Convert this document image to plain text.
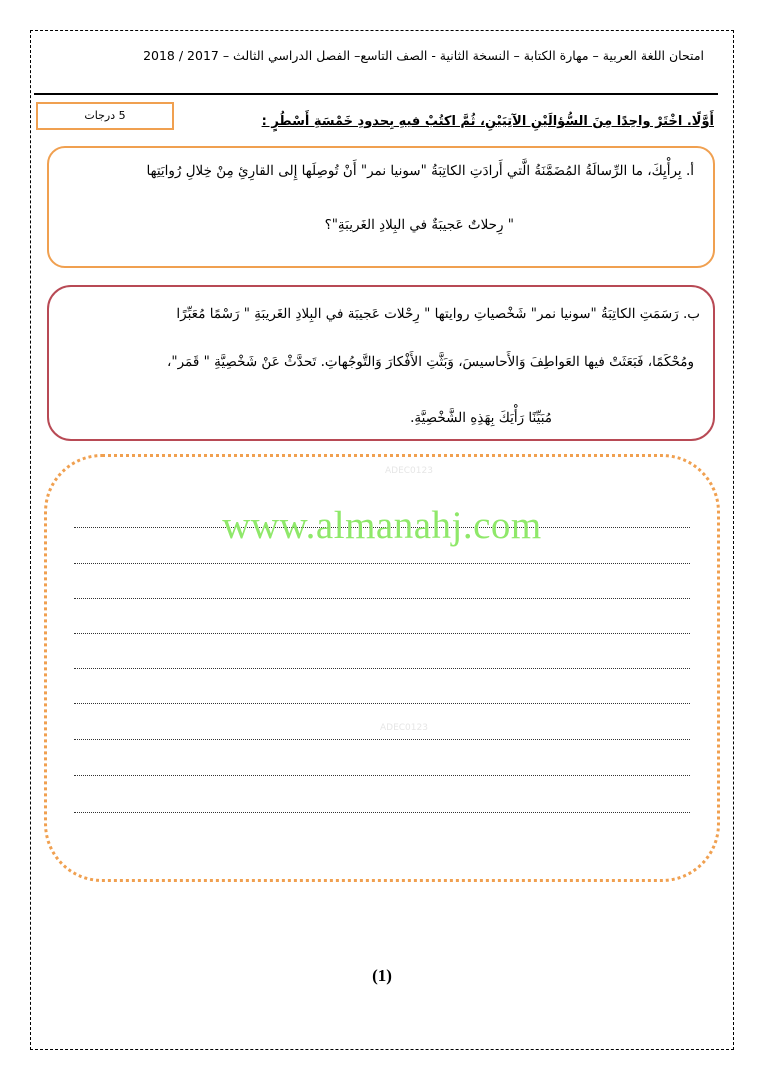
امتحان اللغة العربية – مهارة الكتابة – النسخة الثانية - الصف التاسع– الفصل الدراسي الثالث – 2017 / 2018
5 درجات	أَوَّلًا. اخْتَرْ واحِدًا مِنَ السُّؤالَيْنِ الآتِيَيْنِ، ثُمَّ اكتُبْ فيهِ بِحدودِ خَمْسَةِ أَسْطُرٍ :
أ. بِرأْيِكَ، ما الرِّسالَةُ المُضَمَّنَةُ الَّتي أَرادَتِ الكاتِبَةُ "سونيا نمر" أَنْ تُوصِلَها إِلى القارِئِ مِنْ خِلالِ رُوايَتِها
" رِحلاتٌ عَجيبَةٌ في البِلادِ الغَريبَةِ"؟
ب. رَسَمَتِ الكاتِبَةُ "سونيا نمر" شَخْصياتِ روايتها " رِحْلات عَجيبَة في البِلادِ الغَريبَةِ " رَسْمًا مُعَبِّرًا
ومُحْكَمًا، فَبَعَثَتْ فيها العَواطِفَ وَالأَحاسيسَ، وَبَثَّتِ الأَفْكارَ وَالتَّوجُهاتِ. تَحدَّثْ عَنْ شَخْصِيَّةِ " قَمَر"،
مُبَيِّنًا رَأْيَكَ بِهَذِهِ الشَّخْصِيَّةِ.
ADEC0123
ADEC0123
www.almanahj.com
(1)
